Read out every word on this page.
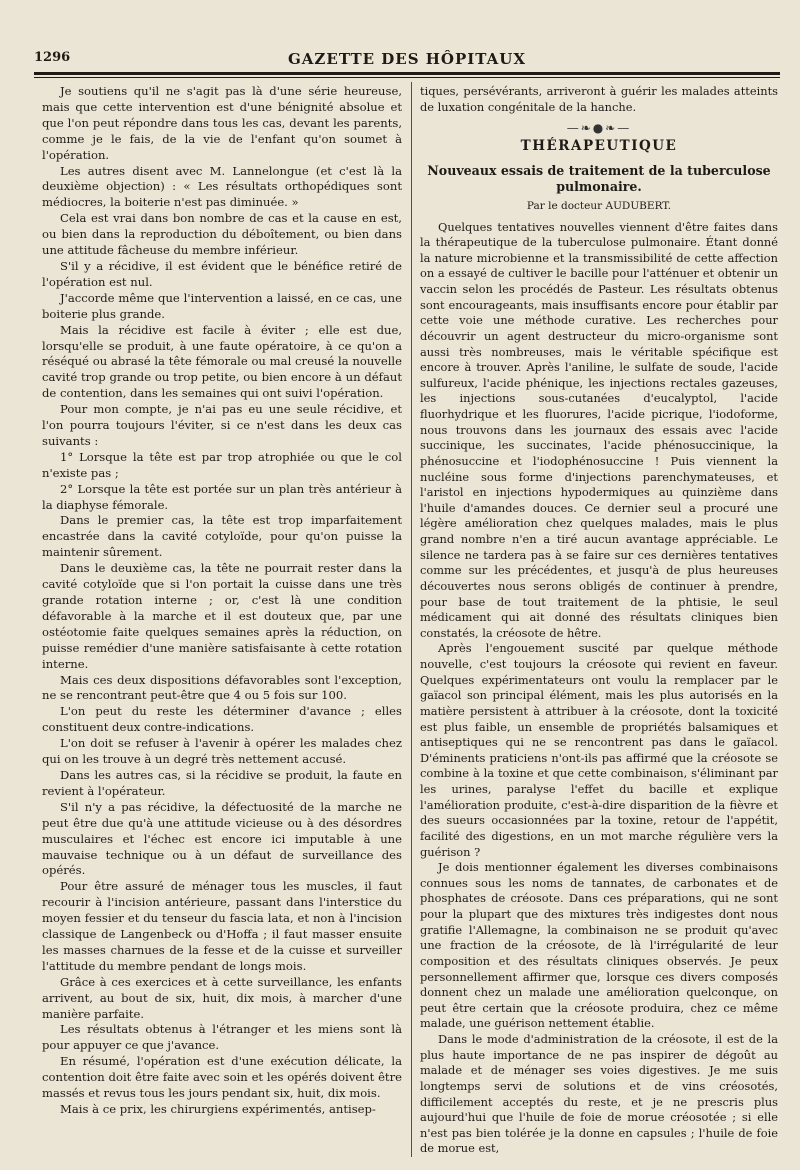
1296	GAZETTE DES HÔPITAUX

Je soutiens qu'il ne s'agit pas là d'une série heureuse, mais que cette intervention est d'une bénignité absolue et que l'on peut répondre dans tous les cas, devant les parents, comme je le fais, de la vie de l'enfant qu'on soumet à l'opération.

Les autres disent avec M. Lannelongue (et c'est là la deuxième objection) : « Les résultats orthopédiques sont médiocres, la boiterie n'est pas diminuée. »

Cela est vrai dans bon nombre de cas et la cause en est, ou bien dans la reproduction du déboîtement, ou bien dans une attitude fâcheuse du membre inférieur.

S'il y a récidive, il est évident que le bénéfice retiré de l'opération est nul.

J'accorde même que l'intervention a laissé, en ce cas, une boiterie plus grande.

Mais la récidive est facile à éviter ; elle est due, lorsqu'elle se produit, à une faute opératoire, à ce qu'on a réséqué ou abrasé la tête fémorale ou mal creusé la nouvelle cavité trop grande ou trop petite, ou bien encore à un défaut de contention, dans les semaines qui ont suivi l'opération.

Pour mon compte, je n'ai pas eu une seule récidive, et l'on pourra toujours l'éviter, si ce n'est dans les deux cas suivants :

1° Lorsque la tête est par trop atrophiée ou que le col n'existe pas ;

2° Lorsque la tête est portée sur un plan très antérieur à la diaphyse fémorale.

Dans le premier cas, la tête est trop imparfaitement encastrée dans la cavité cotyloïde, pour qu'on puisse la maintenir sûrement.

Dans le deuxième cas, la tête ne pourrait rester dans la cavité cotyloïde que si l'on portait la cuisse dans une très grande rotation interne ; or, c'est là une condition défavorable à la marche et il est douteux que, par une ostéotomie faite quelques semaines après la réduction, on puisse remédier d'une manière satisfaisante à cette rotation interne.

Mais ces deux dispositions défavorables sont l'exception, ne se rencontrant peut-être que 4 ou 5 fois sur 100.

L'on peut du reste les déterminer d'avance ; elles constituent deux contre-indications.

L'on doit se refuser à l'avenir à opérer les malades chez qui on les trouve à un degré très nettement accusé.

Dans les autres cas, si la récidive se produit, la faute en revient à l'opérateur.

S'il n'y a pas récidive, la défectuosité de la marche ne peut être due qu'à une attitude vicieuse ou à des désordres musculaires et l'échec est encore ici imputable à une mauvaise technique ou à un défaut de surveillance des opérés.

Pour être assuré de ménager tous les muscles, il faut recourir à l'incision antérieure, passant dans l'interstice du moyen fessier et du tenseur du fascia lata, et non à l'incision classique de Langenbeck ou d'Hoffa ; il faut masser ensuite les masses charnues de la fesse et de la cuisse et surveiller l'attitude du membre pendant de longs mois.

Grâce à ces exercices et à cette surveillance, les enfants arrivent, au bout de six, huit, dix mois, à marcher d'une manière parfaite.

Les résultats obtenus à l'étranger et les miens sont là pour appuyer ce que j'avance.

En résumé, l'opération est d'une exécution délicate, la contention doit être faite avec soin et les opérés doivent être massés et revus tous les jours pendant six, huit, dix mois.

Mais à ce prix, les chirurgiens expérimentés, antisep-

tiques, persévérants, arriveront à guérir les malades atteints de luxation congénitale de la hanche.

—❧●❧—
THÉRAPEUTIQUE
Nouveaux essais de traitement de la tuberculose pulmonaire.
Par le docteur AUDUBERT.

Quelques tentatives nouvelles viennent d'être faites dans la thérapeutique de la tuberculose pulmonaire. Étant donné la nature microbienne et la transmissibilité de cette affection on a essayé de cultiver le bacille pour l'atténuer et obtenir un vaccin selon les procédés de Pasteur. Les résultats obtenus sont encourageants, mais insuffisants encore pour établir par cette voie une méthode curative. Les recherches pour découvrir un agent destructeur du micro-organisme sont aussi très nombreuses, mais le véritable spécifique est encore à trouver. Après l'aniline, le sulfate de soude, l'acide sulfureux, l'acide phénique, les injections rectales gazeuses, les injections sous-cutanées d'eucalyptol, l'acide fluorhydrique et les fluorures, l'acide picrique, l'iodoforme, nous trouvons dans les journaux des essais avec l'acide succinique, les succinates, l'acide phénosuccinique, la phénosuccine et l'iodophénosuccine ! Puis viennent la nucléine sous forme d'injections parenchymateuses, et l'aristol en injections hypodermiques au quinzième dans l'huile d'amandes douces. Ce dernier seul a procuré une légère amélioration chez quelques malades, mais le plus grand nombre n'en a tiré aucun avantage appréciable. Le silence ne tardera pas à se faire sur ces dernières tentatives comme sur les précédentes, et jusqu'à de plus heureuses découvertes nous serons obligés de continuer à prendre, pour base de tout traitement de la phtisie, le seul médicament qui ait donné des résultats cliniques bien constatés, la créosote de hêtre.

Après l'engouement suscité par quelque méthode nouvelle, c'est toujours la créosote qui revient en faveur. Quelques expérimentateurs ont voulu la remplacer par le gaïacol son principal élément, mais les plus autorisés en la matière persistent à attribuer à la créosote, dont la toxicité est plus faible, un ensemble de propriétés balsamiques et antiseptiques qui ne se rencontrent pas dans le gaïacol. D'éminents praticiens n'ont-ils pas affirmé que la créosote se combine à la toxine et que cette combinaison, s'éliminant par les urines, paralyse l'effet du bacille et explique l'amélioration produite, c'est-à-dire disparition de la fièvre et des sueurs occasionnées par la toxine, retour de l'appétit, facilité des digestions, en un mot marche régulière vers la guérison ?

Je dois mentionner également les diverses combinaisons connues sous les noms de tannates, de carbonates et de phosphates de créosote. Dans ces préparations, qui ne sont pour la plupart que des mixtures très indigestes dont nous gratifie l'Allemagne, la combinaison ne se produit qu'avec une fraction de la créosote, de là l'irrégularité de leur composition et des résultats cliniques observés. Je peux personnellement affirmer que, lorsque ces divers composés donnent chez un malade une amélioration quelconque, on peut être certain que la créosote produira, chez ce même malade, une guérison nettement établie.

Dans le mode d'administration de la créosote, il est de la plus haute importance de ne pas inspirer de dégoût au malade et de ménager ses voies digestives. Je me suis longtemps servi de solutions et de vins créosotés, difficilement acceptés du reste, et je ne prescris plus aujourd'hui que l'huile de foie de morue créosotée ; si elle n'est pas bien tolérée je la donne en capsules ; l'huile de foie de morue est,
